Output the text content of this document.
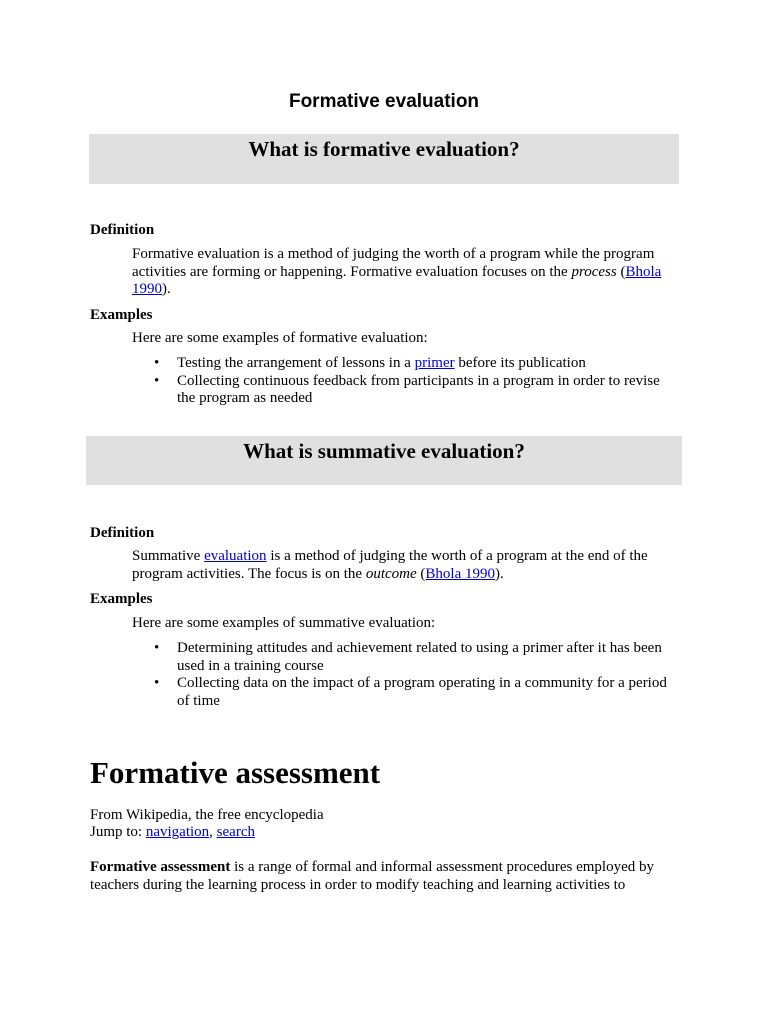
Formative evaluation
What is formative evaluation?
Definition
Formative evaluation is a method of judging the worth of a program while the program activities are forming or happening. Formative evaluation focuses on the process (Bhola 1990).
Examples
Here are some examples of formative evaluation:
• Testing the arrangement of lessons in a primer before its publication
• Collecting continuous feedback from participants in a program in order to revise the program as needed
What is summative evaluation?
Definition
Summative evaluation is a method of judging the worth of a program at the end of the program activities. The focus is on the outcome (Bhola 1990).
Examples
Here are some examples of summative evaluation:
• Determining attitudes and achievement related to using a primer after it has been used in a training course
• Collecting data on the impact of a program operating in a community for a period of time
Formative assessment
From Wikipedia, the free encyclopedia
Jump to: navigation, search
Formative assessment is a range of formal and informal assessment procedures employed by teachers during the learning process in order to modify teaching and learning activities to
